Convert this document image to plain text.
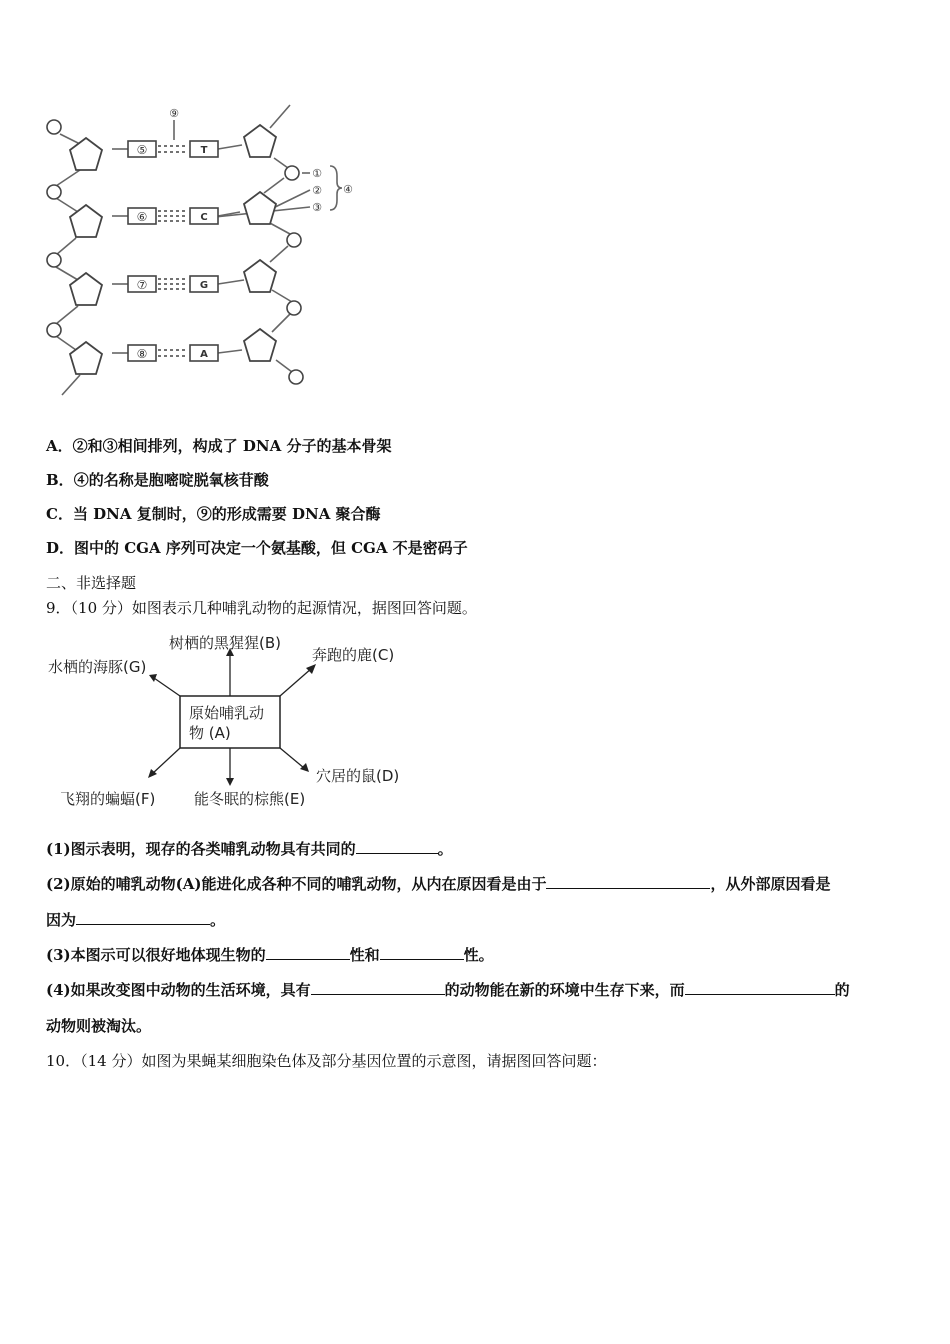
⑤
⑥
⑦
⑧
T
C
G
A
⑨
①
②
③
④
A．②和③相间排列，构成了 DNA 分子的基本骨架
B．④的名称是胞嘧啶脱氧核苷酸
C．当 DNA 复制时，⑨的形成需要 DNA 聚合酶
D．图中的 CGA 序列可决定一个氨基酸，但 CGA 不是密码子
二、非选择题
9．（10 分）如图表示几种哺乳动物的起源情况，据图回答问题。
原始哺乳动
物 (A)
树栖的黑猩猩(B)
奔跑的鹿(C)
水栖的海豚(G)
穴居的鼠(D)
能冬眠的棕熊(E)
飞翔的蝙蝠(F)
(1)图示表明，现存的各类哺乳动物具有共同的	。
(2)原始的哺乳动物(A)能进化成各种不同的哺乳动物，从内在原因看是由于	，从外部原因看是
因为	。
(3)本图示可以很好地体现生物的	性和	性。
(4)如果改变图中动物的生活环境，具有	的动物能在新的环境中生存下来，而	的
动物则被淘汰。
10．（14 分）如图为果蝇某细胞染色体及部分基因位置的示意图，请据图回答问题：
